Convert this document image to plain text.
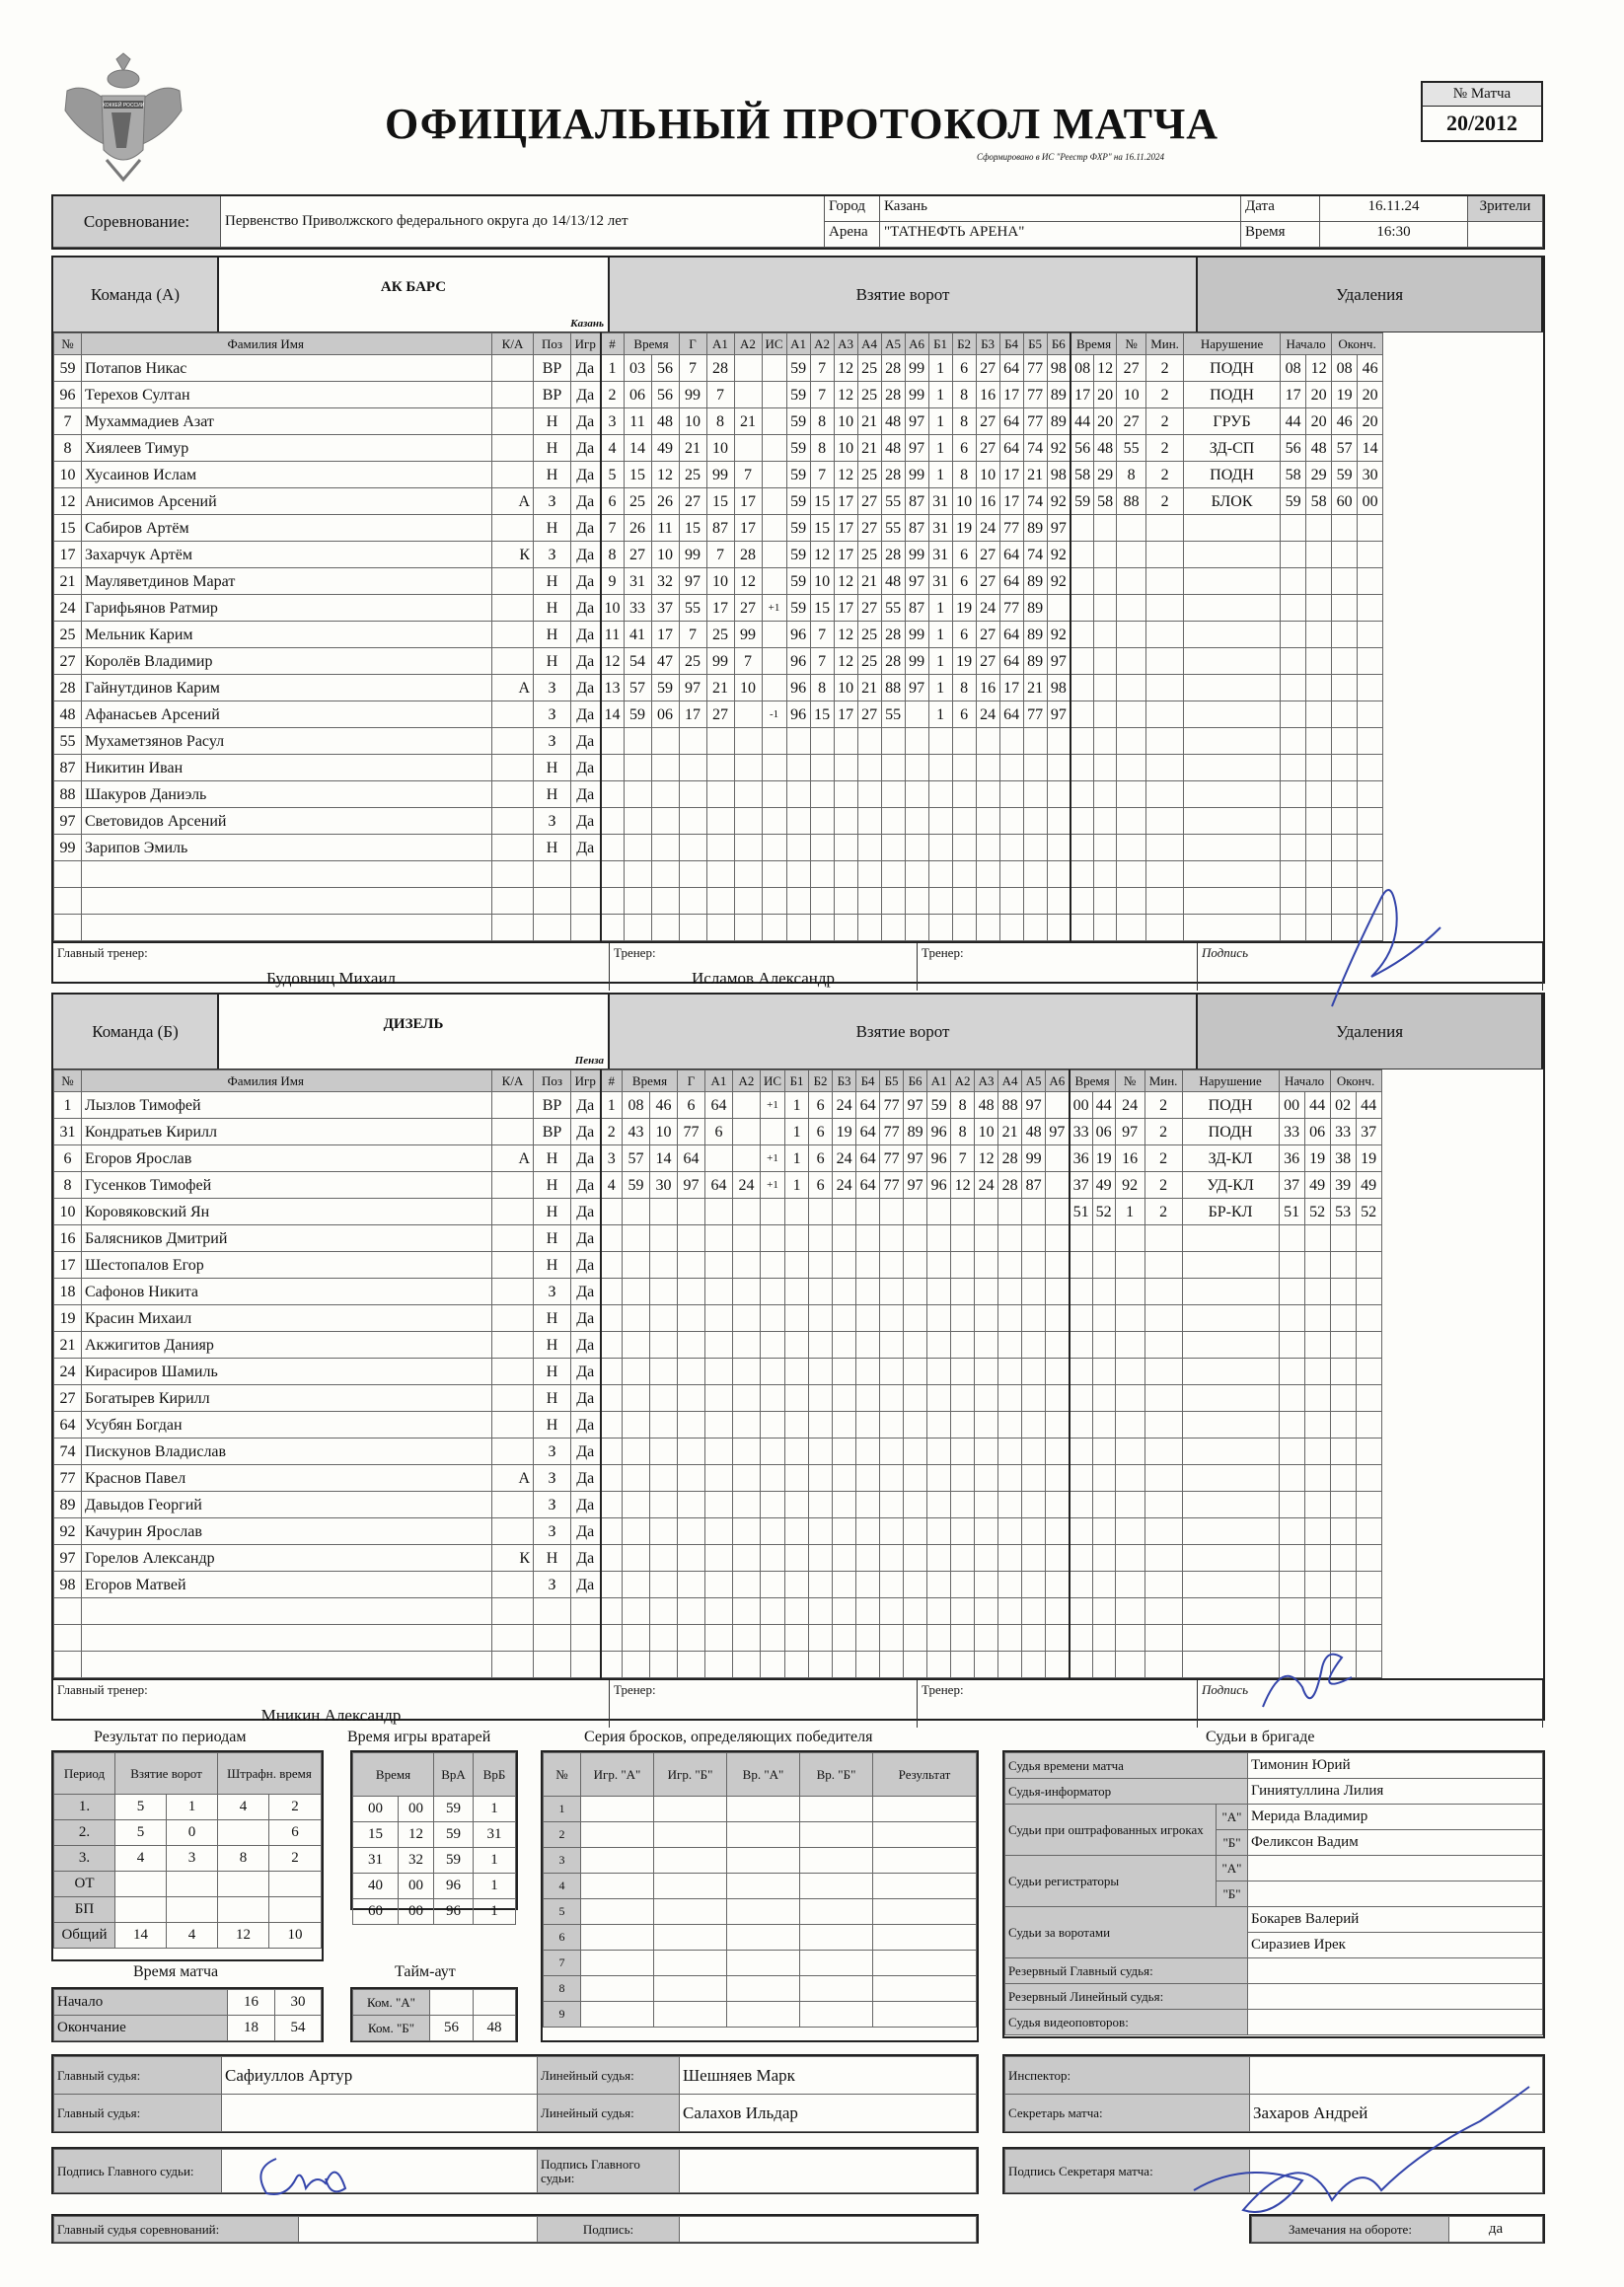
ХОККЕЙ РОССИИ	ОФИЦИАЛЬНЫЙ ПРОТОКОЛ МАТЧА
Сформировано в ИС "Реестр ФХР" на 16.11.2024
№ Матча
20/2012
Соревнование:	Первенство Приволжского федерального округа до 14/13/12 лет
Город	Казань	Дата	16.11.24	Зрители
Арена	"ТАТНЕФТЬ АРЕНА"	Время	16:30
Команда (А)	АК БАРС
Казань
Взятие ворот	Удаления
№	Фамилия Имя	К/А	Поз	Игр	#	Время		Г	А1	А2	ИС	А1	А2	А3	А4	А5	А6	Б1	Б2	Б3	Б4	Б5	Б6	Время		№	Мин.	Нарушение	Начало		Оконч.	
59	Потапов Никас		ВР	Да	1	03	56	7	28			59	7	12	25	28	99	1	6	27	64	77	98	08	12	27	2	ПОДН	08	12	08	46
96	Терехов Султан		ВР	Да	2	06	56	99	7			59	7	12	25	28	99	1	8	16	17	77	89	17	20	10	2	ПОДН	17	20	19	20
7	Мухаммадиев Азат		Н	Да	3	11	48	10	8	21		59	8	10	21	48	97	1	8	27	64	77	89	44	20	27	2	ГРУБ	44	20	46	20
8	Хиялеев Тимур		Н	Да	4	14	49	21	10			59	8	10	21	48	97	1	6	27	64	74	92	56	48	55	2	ЗД-СП	56	48	57	14
10	Хусаинов Ислам		Н	Да	5	15	12	25	99	7		59	7	12	25	28	99	1	8	10	17	21	98	58	29	8	2	ПОДН	58	29	59	30
12	Анисимов Арсений	А	З	Да	6	25	26	27	15	17		59	15	17	27	55	87	31	10	16	17	74	92	59	58	88	2	БЛОК	59	58	60	00
15	Сабиров Артём		Н	Да	7	26	11	15	87	17		59	15	17	27	55	87	31	19	24	77	89	97									
17	Захарчук Артём	К	З	Да	8	27	10	99	7	28		59	12	17	25	28	99	31	6	27	64	74	92									
21	Мауляветдинов Марат		Н	Да	9	31	32	97	10	12		59	10	12	21	48	97	31	6	27	64	89	92									
24	Гарифьянов Ратмир		Н	Да	10	33	37	55	17	27	+1	59	15	17	27	55	87	1	19	24	77	89										
25	Мельник Карим		Н	Да	11	41	17	7	25	99		96	7	12	25	28	99	1	6	27	64	89	92									
27	Королёв Владимир		Н	Да	12	54	47	25	99	7		96	7	12	25	28	99	1	19	27	64	89	97									
28	Гайнутдинов Карим	А	З	Да	13	57	59	97	21	10		96	8	10	21	88	97	1	8	16	17	21	98									
48	Афанасьев Арсений		З	Да	14	59	06	17	27		-1	96	15	17	27	55		1	6	24	64	77	97									
55	Мухаметзянов Расул		З	Да																												
87	Никитин Иван		Н	Да																												
88	Шакуров Даниэль		Н	Да																												
97	Световидов Арсений		З	Да																												
99	Зарипов Эмиль		Н	Да																												

Главный тренер:
Будовниц Михаил
Тренер:
Исламов Александр
Тренер:	Подпись
Команда (Б)	ДИЗЕЛЬ
Пенза
Взятие ворот	Удаления
№	Фамилия Имя	К/А	Поз	Игр	#	Время		Г	А1	А2	ИС	Б1	Б2	Б3	Б4	Б5	Б6	А1	А2	А3	А4	А5	А6	Время		№	Мин.	Нарушение	Начало		Оконч.	
1	Лызлов Тимофей		ВР	Да	1	08	46	6	64		+1	1	6	24	64	77	97	59	8	48	88	97		00	44	24	2	ПОДН	00	44	02	44
31	Кондратьев Кирилл		ВР	Да	2	43	10	77	6			1	6	19	64	77	89	96	8	10	21	48	97	33	06	97	2	ПОДН	33	06	33	37
6	Егоров Ярослав	А	Н	Да	3	57	14	64			+1	1	6	24	64	77	97	96	7	12	28	99		36	19	16	2	ЗД-КЛ	36	19	38	19
8	Гусенков Тимофей		Н	Да	4	59	30	97	64	24	+1	1	6	24	64	77	97	96	12	24	28	87		37	49	92	2	УД-КЛ	37	49	39	49
10	Коровяковский Ян		Н	Да																				51	52	1	2	БР-КЛ	51	52	53	52
16	Балясников Дмитрий		Н	Да																												
17	Шестопалов Егор		Н	Да																												
18	Сафонов Никита		З	Да																												
19	Красин Михаил		Н	Да																												
21	Акжигитов Данияр		Н	Да																												
24	Кирасиров Шамиль		Н	Да																												
27	Богатырев Кирилл		Н	Да																												
64	Усубян Богдан		Н	Да																												
74	Пискунов Владислав		З	Да																												
77	Краснов Павел	А	З	Да																												
89	Давыдов Георгий		З	Да																												
92	Качурин Ярослав		З	Да																												
97	Горелов Александр	К	Н	Да																												
98	Егоров Матвей		З	Да																												

Главный тренер:
Мникин Александр
Тренер:	Тренер:	Подпись
Результат по периодам
Период	Взятие ворот		Штрафн. время	
1.	5	1	4	2
2.	5	0		6
3.	4	3	8	2
ОТ				
БП				
Общий	14	4	12	10
Время игры вратарей
Время		ВрА	ВрБ
00	00	59	1
15	12	59	31
31	32	59	1
40	00	96	1
60	00	96	1
Время матча
Начало	16	30
Окончание	18	54
Тайм-аут
Ком. "А"		
Ком. "Б"	56	48
Серия бросков, определяющих победителя
№	Игр. "А"	Игр. "Б"	Вр. "А"	Вр. "Б"	Результат
1					
2					
3					
4					
5					
6					
7					
8					
9					
Судьи в бригаде
Судья времени матча		Тимонин Юрий
Судья-информатор		Гиниятуллина Лилия
Судьи при оштрафованных игроках	"А"	Мерида Владимир
	"Б"	Феликсон Вадим
Судьи регистраторы	"А"	
	"Б"	
Судьи за воротами		Бокарев Валерий
		Сиразиев Ирек
Резервный Главный судья:		
Резервный Линейный судья:		
Судья видеоповторов:		
Главный судья:	Сафиуллов Артур	Линейный судья:	Шешняев Марк
Главный судья:		Линейный судья:	Салахов Ильдар
Инспектор:	
Секретарь матча:	Захаров Андрей
Подпись Главного судьи:		Подпись Главного судьи:		Подпись Секретаря матча:	
Главный судья соревнований:		Подпись:		Замечания на обороте:	да
